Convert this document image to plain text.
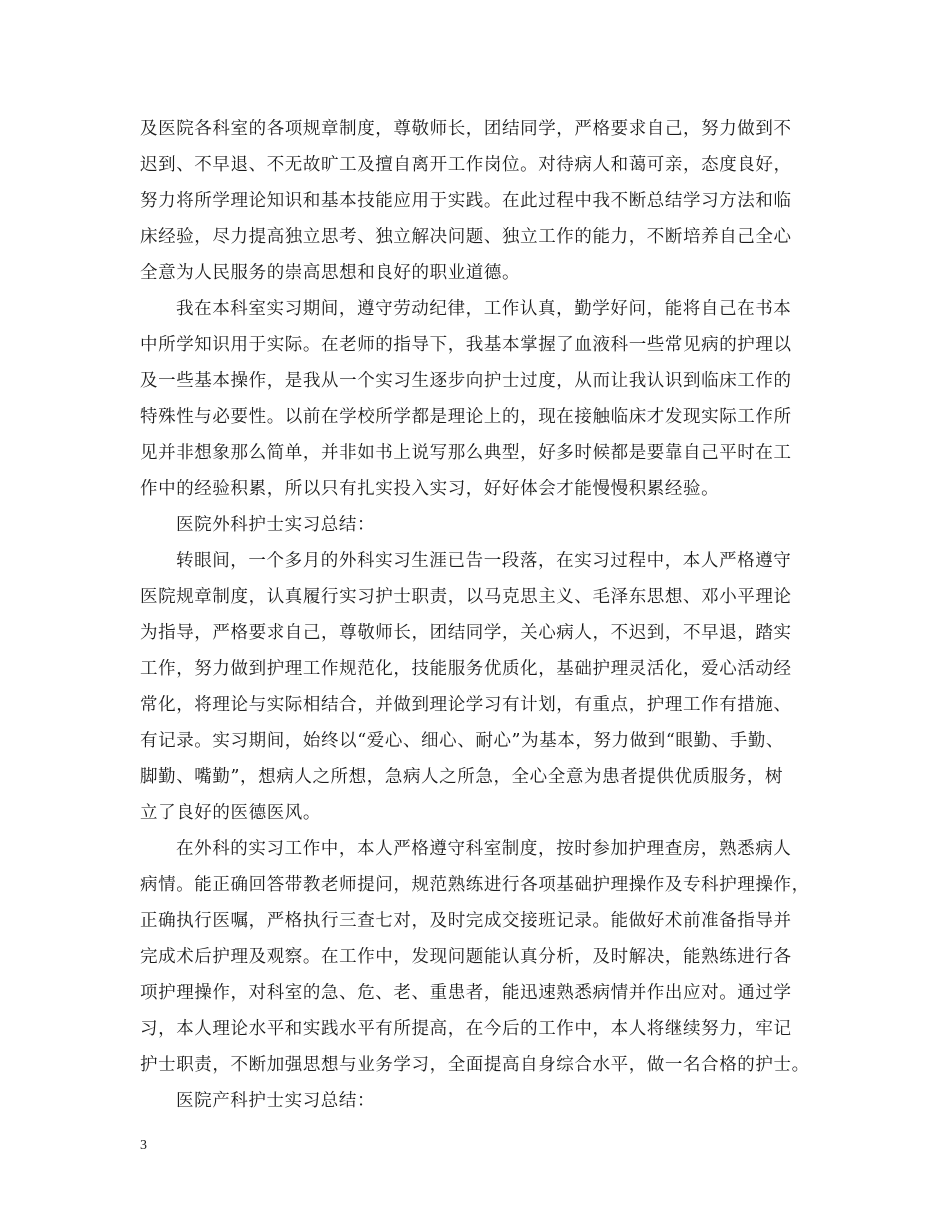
及医院各科室的各项规章制度，尊敬师长，团结同学，严格要求自己，努力做到不
迟到、不早退、不无故旷工及擅自离开工作岗位。对待病人和蔼可亲，态度良好，
努力将所学理论知识和基本技能应用于实践。在此过程中我不断总结学习方法和临
床经验，尽力提高独立思考、独立解决问题、独立工作的能力，不断培养自己全心
全意为人民服务的崇高思想和良好的职业道德。
我在本科室实习期间，遵守劳动纪律，工作认真，勤学好问，能将自己在书本
中所学知识用于实际。在老师的指导下，我基本掌握了血液科一些常见病的护理以
及一些基本操作，是我从一个实习生逐步向护士过度，从而让我认识到临床工作的
特殊性与必要性。以前在学校所学都是理论上的，现在接触临床才发现实际工作所
见并非想象那么简单，并非如书上说写那么典型，好多时候都是要靠自己平时在工
作中的经验积累，所以只有扎实投入实习，好好体会才能慢慢积累经验。
医院外科护士实习总结：
转眼间，一个多月的外科实习生涯已告一段落，在实习过程中，本人严格遵守
医院规章制度，认真履行实习护士职责，以马克思主义、毛泽东思想、邓小平理论
为指导，严格要求自己，尊敬师长，团结同学，关心病人，不迟到，不早退，踏实
工作，努力做到护理工作规范化，技能服务优质化，基础护理灵活化，爱心活动经
常化，将理论与实际相结合，并做到理论学习有计划，有重点，护理工作有措施、
有记录。实习期间，始终以“爱心、细心、耐心”为基本，努力做到“眼勤、手勤、
脚勤、嘴勤”，想病人之所想，急病人之所急，全心全意为患者提供优质服务，树
立了良好的医德医风。
在外科的实习工作中，本人严格遵守科室制度，按时参加护理查房，熟悉病人
病情。能正确回答带教老师提问，规范熟练进行各项基础护理操作及专科护理操作，
正确执行医嘱，严格执行三查七对，及时完成交接班记录。能做好术前准备指导并
完成术后护理及观察。在工作中，发现问题能认真分析，及时解决，能熟练进行各
项护理操作，对科室的急、危、老、重患者，能迅速熟悉病情并作出应对。通过学
习，本人理论水平和实践水平有所提高，在今后的工作中，本人将继续努力，牢记
护士职责，不断加强思想与业务学习，全面提高自身综合水平，做一名合格的护士。
医院产科护士实习总结：
3
